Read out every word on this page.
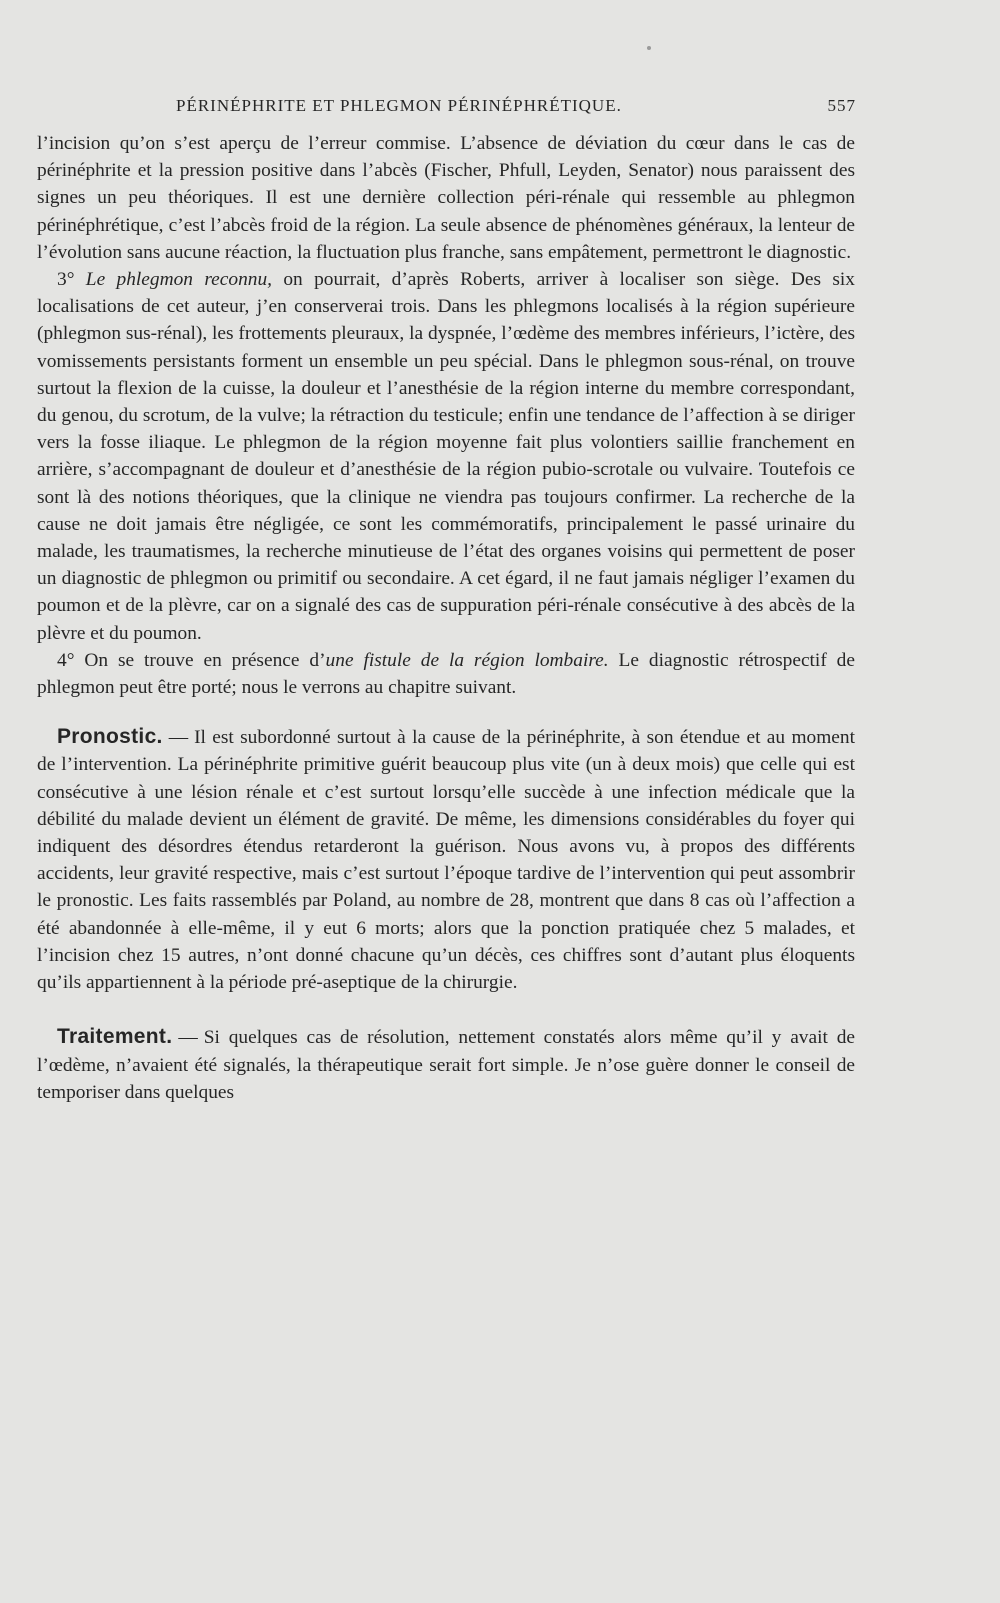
PÉRINÉPHRITE ET PHLEGMON PÉRINÉPHRÉTIQUE.	557

l’incision qu’on s’est aperçu de l’erreur commise. L’absence de déviation du cœur dans le cas de périnéphrite et la pression positive dans l’abcès (Fischer, Phfull, Leyden, Senator) nous paraissent des signes un peu théoriques. Il est une dernière collection péri-rénale qui ressemble au phlegmon périnéphrétique, c’est l’abcès froid de la région. La seule absence de phénomènes généraux, la lenteur de l’évolution sans aucune réaction, la fluctuation plus franche, sans empâtement, permettront le diagnostic.

3° Le phlegmon reconnu, on pourrait, d’après Roberts, arriver à localiser son siège. Des six localisations de cet auteur, j’en conserverai trois. Dans les phlegmons localisés à la région supérieure (phlegmon sus-rénal), les frottements pleuraux, la dyspnée, l’œdème des membres inférieurs, l’ictère, des vomissements persistants forment un ensemble un peu spécial. Dans le phlegmon sous-rénal, on trouve surtout la flexion de la cuisse, la douleur et l’anesthésie de la région interne du membre correspondant, du genou, du scrotum, de la vulve; la rétraction du testicule; enfin une tendance de l’affection à se diriger vers la fosse iliaque. Le phlegmon de la région moyenne fait plus volontiers saillie franchement en arrière, s’accompagnant de douleur et d’anesthésie de la région pubio-scrotale ou vulvaire. Toutefois ce sont là des notions théoriques, que la clinique ne viendra pas toujours confirmer. La recherche de la cause ne doit jamais être négligée, ce sont les commémoratifs, principalement le passé urinaire du malade, les traumatismes, la recherche minutieuse de l’état des organes voisins qui permettent de poser un diagnostic de phlegmon ou primitif ou secondaire. A cet égard, il ne faut jamais négliger l’examen du poumon et de la plèvre, car on a signalé des cas de suppuration péri-rénale consécutive à des abcès de la plèvre et du poumon.

4° On se trouve en présence d’une fistule de la région lombaire. Le diagnostic rétrospectif de phlegmon peut être porté; nous le verrons au chapitre suivant.

Pronostic. — Il est subordonné surtout à la cause de la périnéphrite, à son étendue et au moment de l’intervention. La périnéphrite primitive guérit beaucoup plus vite (un à deux mois) que celle qui est consécutive à une lésion rénale et c’est surtout lorsqu’elle succède à une infection médicale que la débilité du malade devient un élément de gravité. De même, les dimensions considérables du foyer qui indiquent des désordres étendus retarderont la guérison. Nous avons vu, à propos des différents accidents, leur gravité respective, mais c’est surtout l’époque tardive de l’intervention qui peut assombrir le pronostic. Les faits rassemblés par Poland, au nombre de 28, montrent que dans 8 cas où l’affection a été abandonnée à elle-même, il y eut 6 morts; alors que la ponction pratiquée chez 5 malades, et l’incision chez 15 autres, n’ont donné chacune qu’un décès, ces chiffres sont d’autant plus éloquents qu’ils appartiennent à la période pré-aseptique de la chirurgie.

Traitement. — Si quelques cas de résolution, nettement constatés alors même qu’il y avait de l’œdème, n’avaient été signalés, la thérapeutique serait fort simple. Je n’ose guère donner le conseil de temporiser dans quelques
